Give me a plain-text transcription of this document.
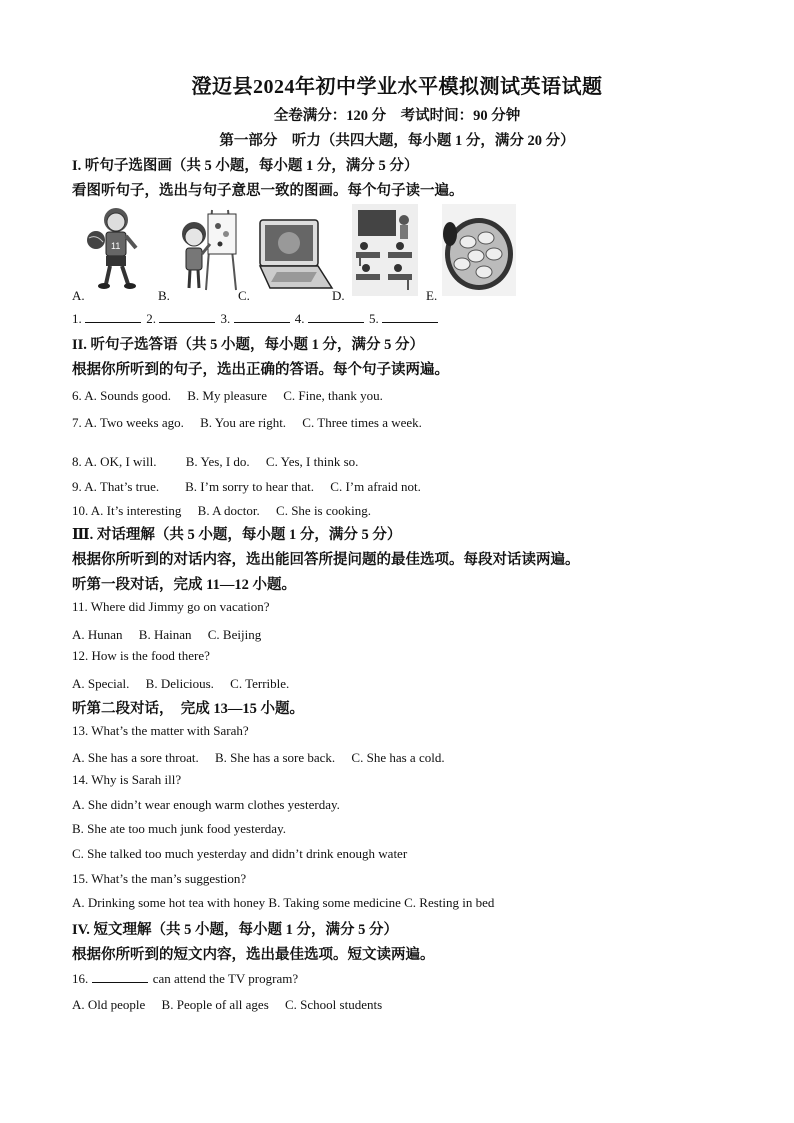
澄迈县2024年初中学业水平模拟测试英语试题
全卷满分：120 分　考试时间：90 分钟
第一部分　听力（共四大题，每小题 1 分，满分 20 分）
I. 听句子选图画（共 5 小题，每小题 1 分，满分 5 分）
看图听句子，选出与句子意思一致的图画。每个句子读一遍。
11
A.	B.	C.	D.	E.
1.	2.	3.	4.	5.
II. 听句子选答语（共 5 小题，每小题 1 分，满分 5 分）
根据你所听到的句子，选出正确的答语。每个句子读两遍。
6. A. Sounds good.　 B. My pleasure　 C. Fine, thank you.
7. A. Two weeks ago.　 B. You are right.　 C. Three times a week.
8. A. OK, I will.　　 B. Yes, I do.　 C. Yes, I think so.
9. A. That’s true.　　B. I’m sorry to hear that.　 C. I’m afraid not.
10. A. It’s interesting　 B. A doctor.　 C. She is cooking.
Ⅲ. 对话理解（共 5 小题，每小题 1 分，满分 5 分）
根据你所听到的对话内容，选出能回答所提问题的最佳选项。每段对话读两遍。
听第一段对话，完成 11—12 小题。
11. Where did Jimmy go on vacation?
A. Hunan　 B. Hainan　 C. Beijing
12. How is the food there?
A. Special.　 B. Delicious.　 C. Terrible.
听第二段对话，　完成 13—15 小题。
13. What’s the matter with Sarah?
A. She has a sore throat.　 B. She has a sore back.　 C. She has a cold.
14. Why is Sarah ill?
A. She didn’t wear enough warm clothes yesterday.
B. She ate too much junk food yesterday.
C. She talked too much yesterday and didn’t drink enough water
15. What’s the man’s suggestion?
A. Drinking some hot tea with honey B. Taking some medicine C. Resting in bed
IV. 短文理解（共 5 小题，每小题 1 分，满分 5 分）
根据你所听到的短文内容，选出最佳选项。短文读两遍。
16.	can attend the TV program?
A. Old people　 B. People of all ages　 C. School students
